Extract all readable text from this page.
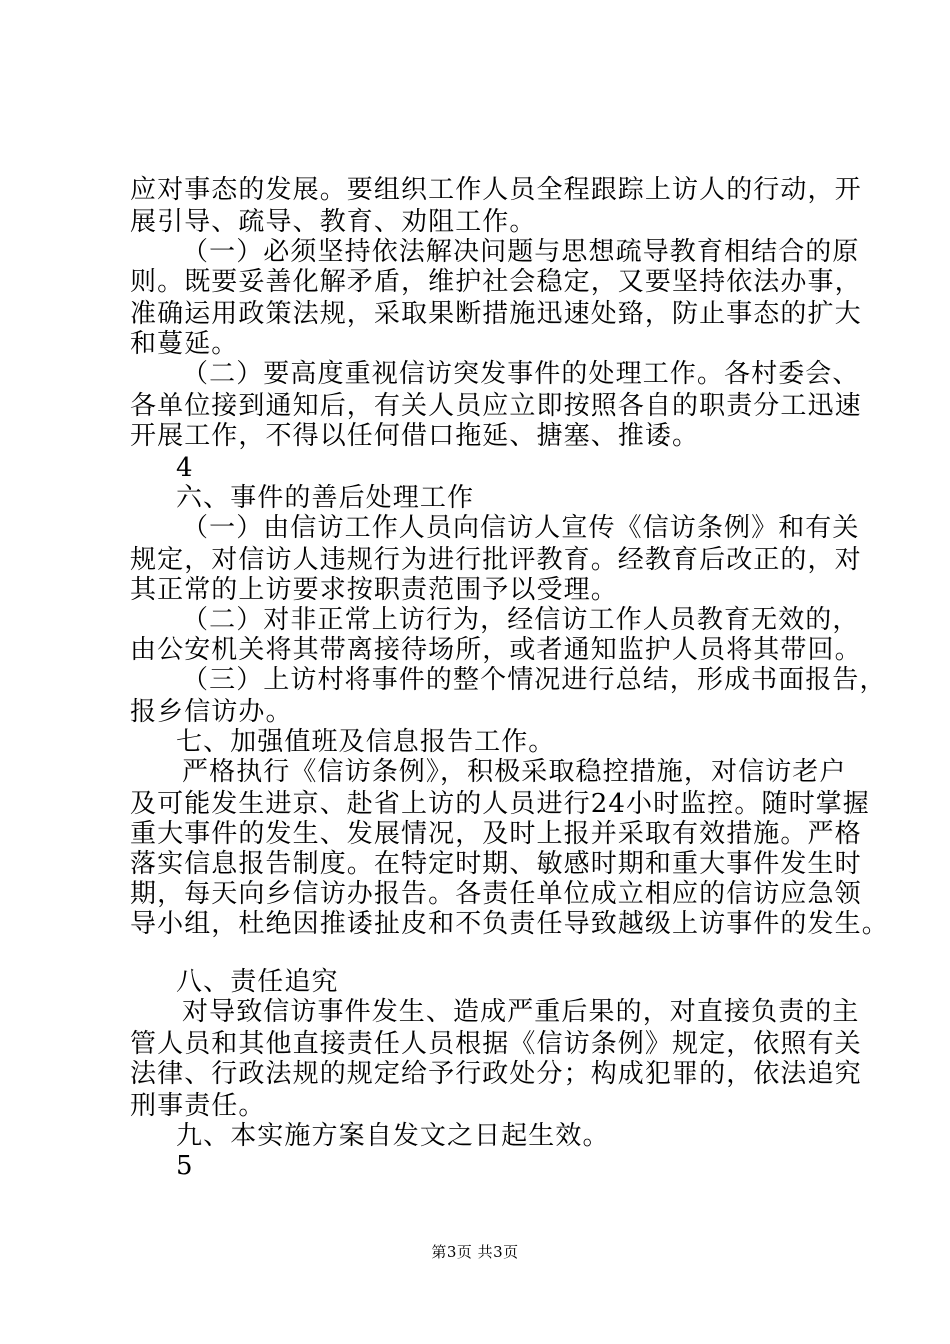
应对事态的发展。要组织工作人员全程跟踪上访人的行动，开
展引导、疏导、教育、劝阻工作。
（一）必须坚持依法解决问题与思想疏导教育相结合的原
则。既要妥善化解矛盾，维护社会稳定，又要坚持依法办事，
准确运用政策法规，采取果断措施迅速处臵，防止事态的扩大
和蔓延。
（二）要高度重视信访突发事件的处理工作。各村委会、
各单位接到通知后，有关人员应立即按照各自的职责分工迅速
开展工作，不得以任何借口拖延、搪塞、推诿。
4
六、事件的善后处理工作
（一）由信访工作人员向信访人宣传《信访条例》和有关
规定，对信访人违规行为进行批评教育。经教育后改正的，对
其正常的上访要求按职责范围予以受理。
（二）对非正常上访行为，经信访工作人员教育无效的，
由公安机关将其带离接待场所，或者通知监护人员将其带回。
（三）上访村将事件的整个情况进行总结，形成书面报告，
报乡信访办。
七、加强值班及信息报告工作。
严格执行《信访条例》，积极采取稳控措施，对信访老户
及可能发生进京、赴省上访的人员进行24小时监控。随时掌握
重大事件的发生、发展情况，及时上报并采取有效措施。严格
落实信息报告制度。在特定时期、敏感时期和重大事件发生时
期，每天向乡信访办报告。各责任单位成立相应的信访应急领
导小组，杜绝因推诿扯皮和不负责任导致越级上访事件的发生。
八、责任追究
对导致信访事件发生、造成严重后果的，对直接负责的主
管人员和其他直接责任人员根据《信访条例》规定，依照有关
法律、行政法规的规定给予行政处分；构成犯罪的，依法追究
刑事责任。
九、本实施方案自发文之日起生效。
5
第3页 共3页
